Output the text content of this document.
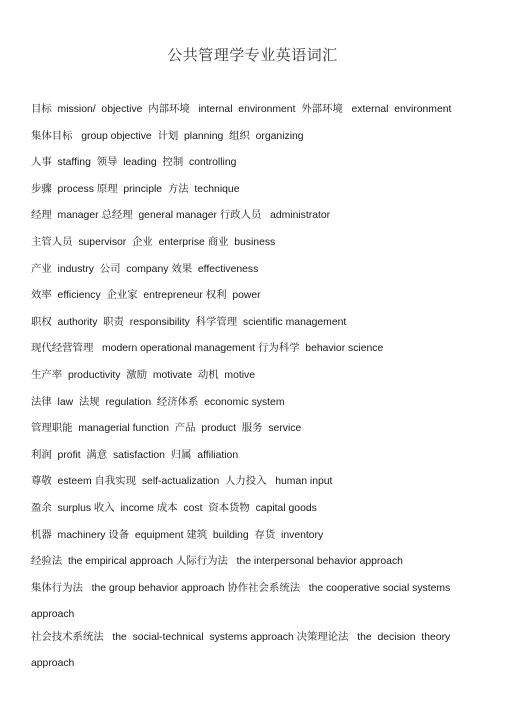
公共管理学专业英语词汇
目标  mission/  objective  内部环境   internal  environment  外部环境   external  environment
集体目标   group objective  计划  planning  组织  organizing
人事  staffing  领导  leading  控制  controlling
步骤  process 原理  principle  方法  technique
经理  manager 总经理  general manager 行政人员   administrator
主管人员  supervisor  企业  enterprise 商业  business
产业  industry  公司  company 效果  effectiveness
效率  efficiency  企业家  entrepreneur 权利  power
职权  authority  职责  responsibility  科学管理  scientific management
现代经营管理   modern operational management 行为科学  behavior science
生产率  productivity  激励  motivate  动机  motive
法律  law  法规  regulation  经济体系  economic system
管理职能  managerial function  产品  product  服务  service
利润  profit  满意  satisfaction  归属  affiliation
尊敬  esteem 自我实现  self-actualization  人力投入   human input
盈余  surplus 收入  income 成本  cost  资本货物  capital goods
机器  machinery 设备  equipment 建筑  building  存货  inventory
经验法  the empirical approach 人际行为法   the interpersonal behavior approach
集体行为法   the group behavior approach 协作社会系统法   the cooperative social systems approach
社会技术系统法   the  social-technical  systems approach 决策理论法   the  decision  theory approach
